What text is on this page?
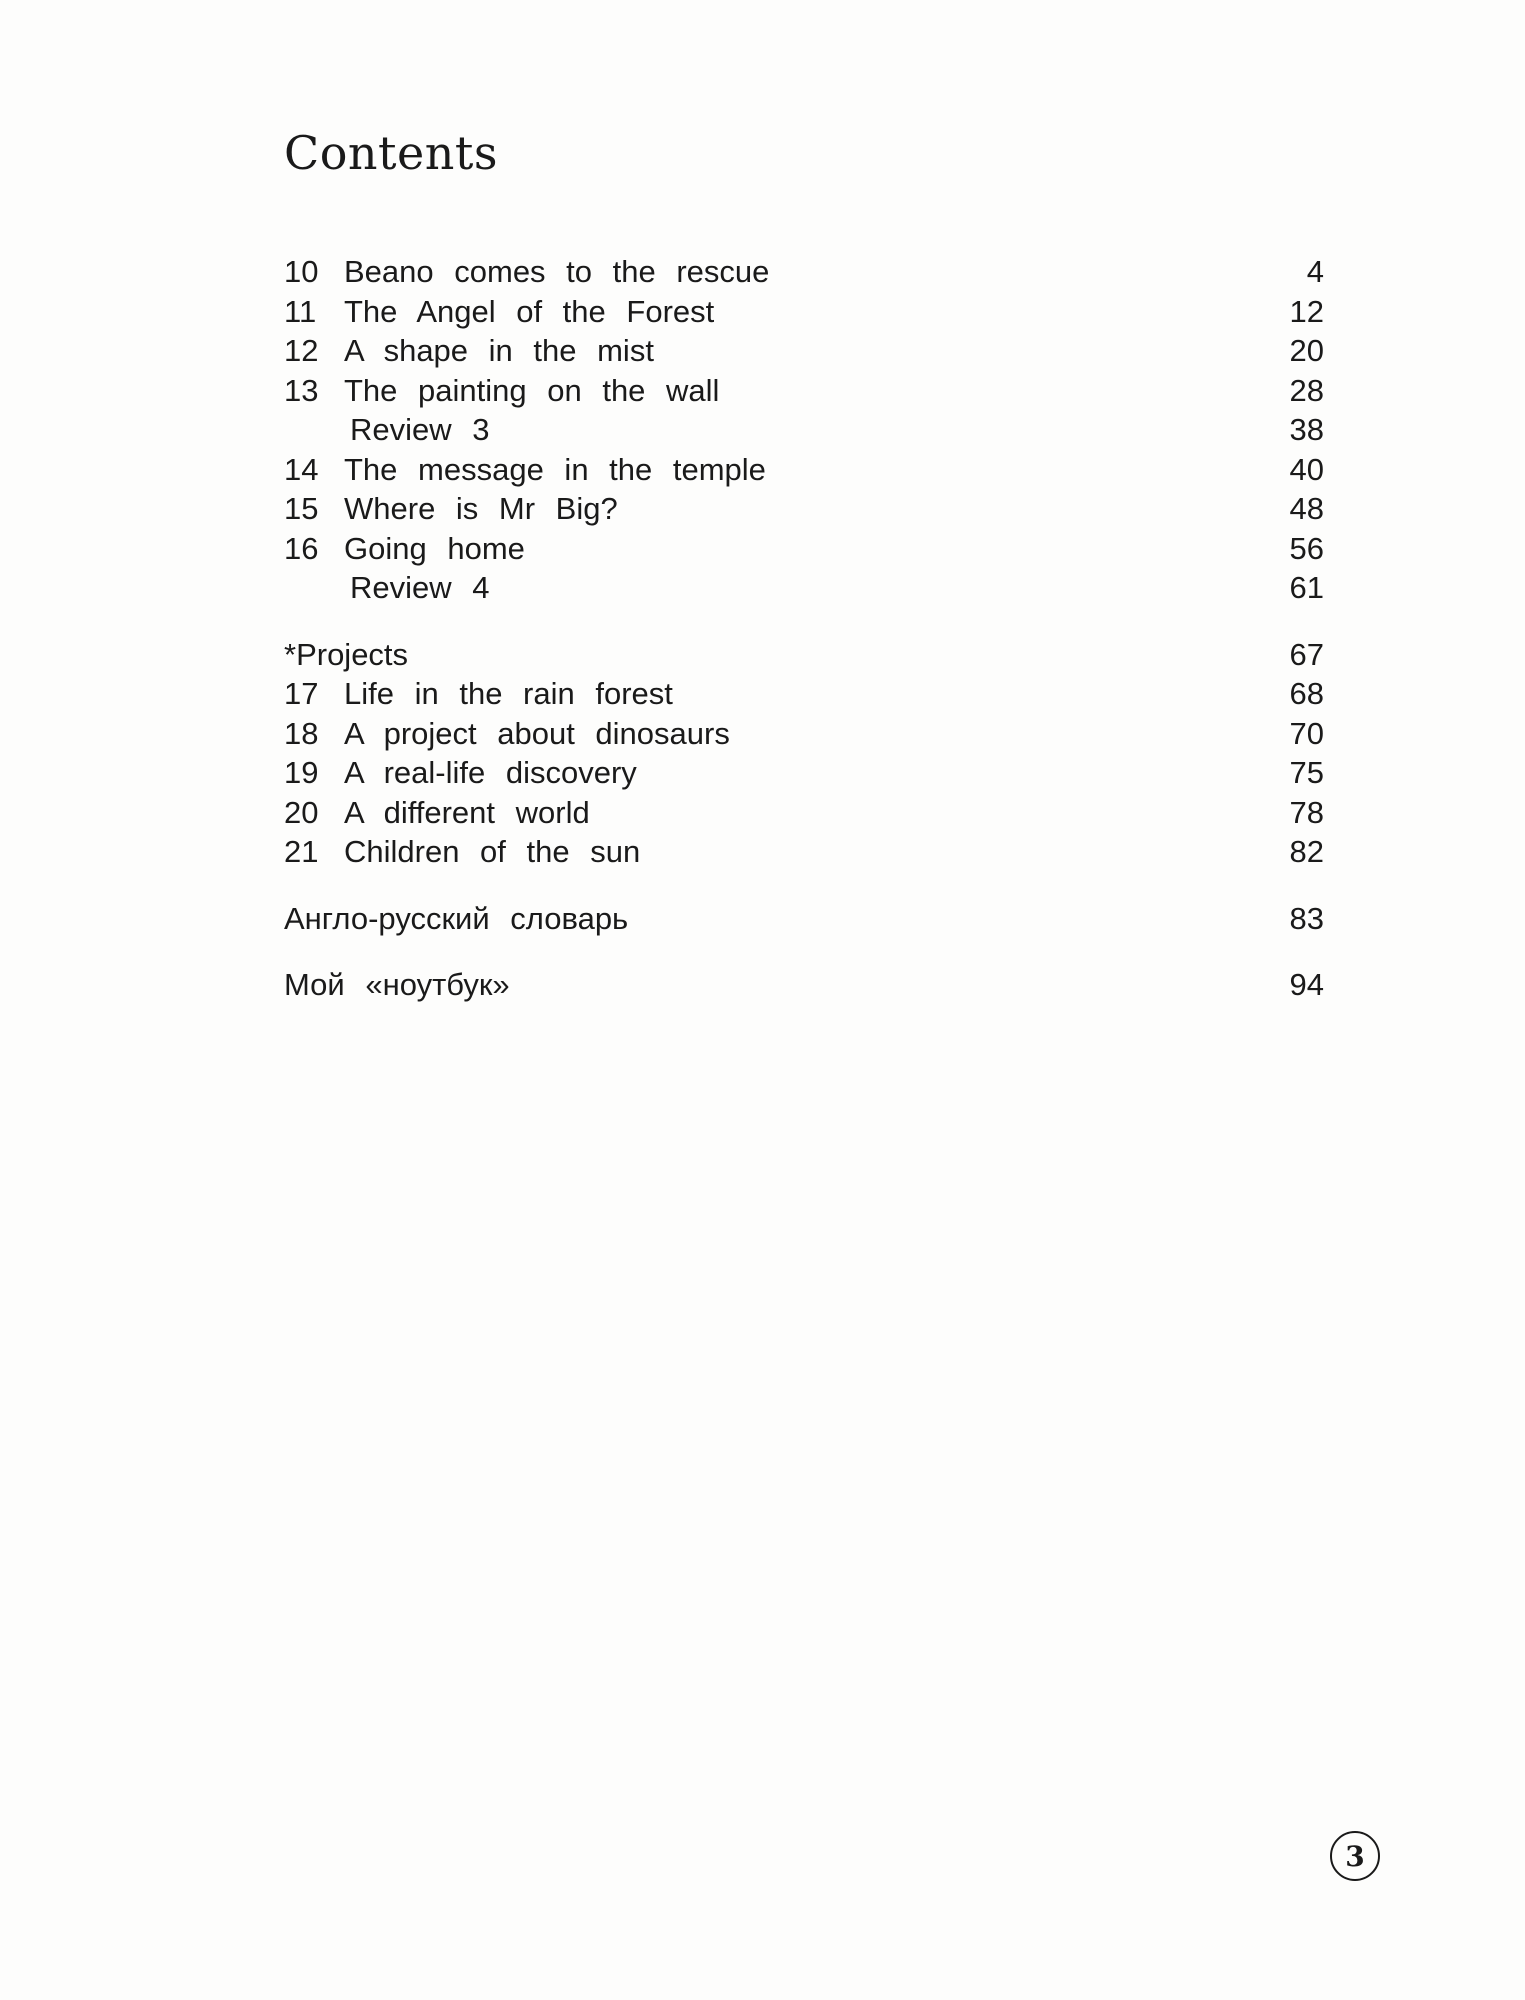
Contents
10 Beano comes to the rescue	4
11 The Angel of the Forest	12
12 A shape in the mist	20
13 The painting on the wall	28
Review 3	38
14 The message in the temple	40
15 Where is Mr Big?	48
16 Going home	56
Review 4	61
*Projects	67
17 Life in the rain forest	68
18 A project about dinosaurs	70
19 A real-life discovery	75
20 A different world	78
21 Children of the sun	82
Англо-русский словарь	83
Мой «ноутбук»	94
3
